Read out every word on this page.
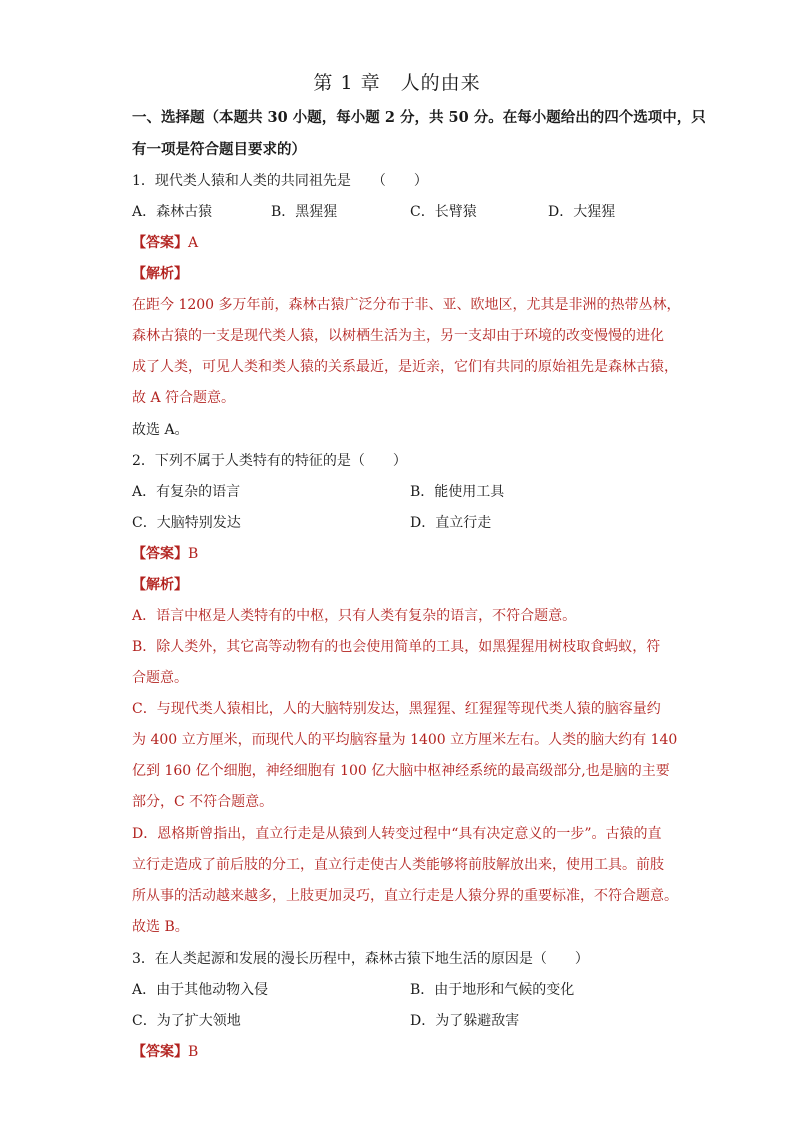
第 1 章　人的由来
一、选择题（本题共 30 小题，每小题 2 分，共 50 分。在每小题给出的四个选项中，只
有一项是符合题目要求的）
1．现代类人猿和人类的共同祖先是　　（　　）
A．森林古猿	B．黑猩猩	C．长臂猿	D．大猩猩
【答案】A
【解析】
在距今 1200 多万年前，森林古猿广泛分布于非、亚、欧地区，尤其是非洲的热带丛林，
森林古猿的一支是现代类人猿，以树栖生活为主，另一支却由于环境的改变慢慢的进化
成了人类，可见人类和类人猿的关系最近，是近亲，它们有共同的原始祖先是森林古猿，
故 A 符合题意。
故选 A。
2．下列不属于人类特有的特征的是（　　）
A．有复杂的语言	B．能使用工具
C．大脑特别发达	D．直立行走
【答案】B
【解析】
A．语言中枢是人类特有的中枢，只有人类有复杂的语言，不符合题意。
B．除人类外，其它高等动物有的也会使用简单的工具，如黑猩猩用树枝取食蚂蚁，符
合题意。
C．与现代类人猿相比，人的大脑特别发达，黑猩猩、红猩猩等现代类人猿的脑容量约
为 400 立方厘米，而现代人的平均脑容量为 1400 立方厘米左右。人类的脑大约有 140
亿到 160 亿个细胞，神经细胞有 100 亿大脑中枢神经系统的最高级部分,也是脑的主要
部分，C 不符合题意。
D．恩格斯曾指出，直立行走是从猿到人转变过程中“具有决定意义的一步”。古猿的直
立行走造成了前后肢的分工，直立行走使古人类能够将前肢解放出来，使用工具。前肢
所从事的活动越来越多，上肢更加灵巧，直立行走是人猿分界的重要标准，不符合题意。
故选 B。
3．在人类起源和发展的漫长历程中，森林古猿下地生活的原因是（　　）
A．由于其他动物入侵	B．由于地形和气候的变化
C．为了扩大领地	D．为了躲避敌害
【答案】B
